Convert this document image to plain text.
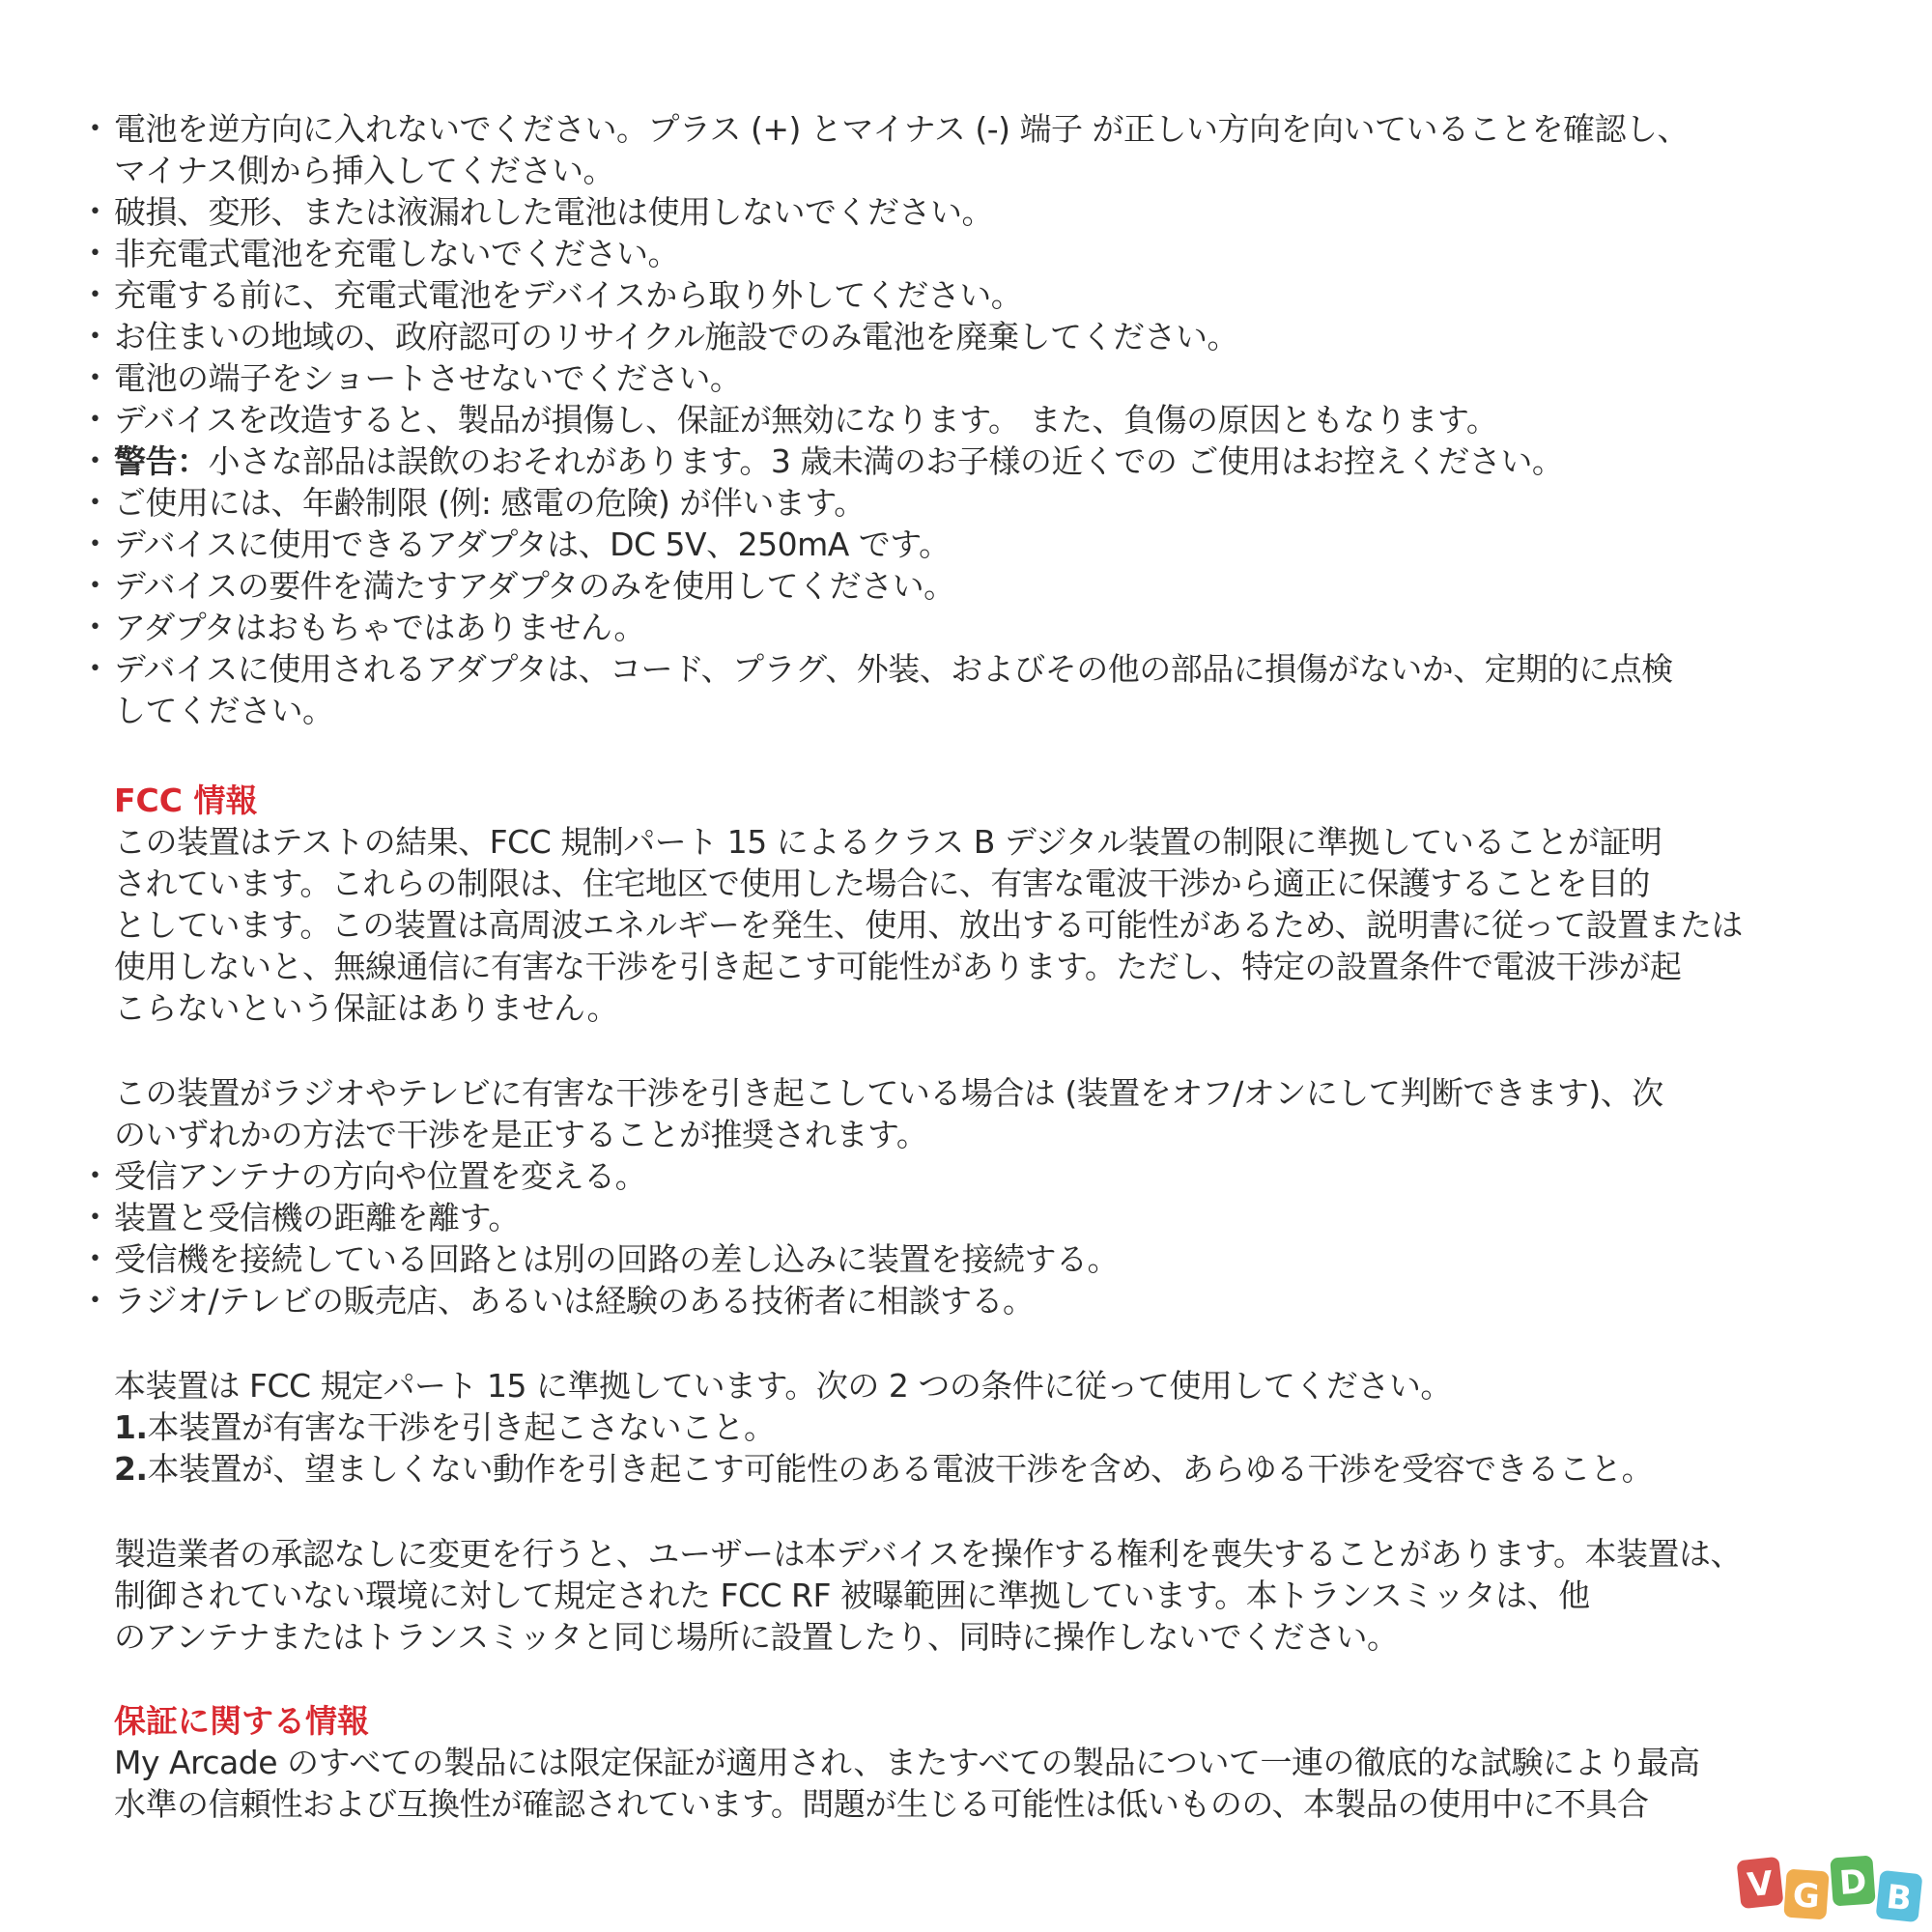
• 電池を逆方向に入れないでください。プラス (+) とマイナス (-) 端子 が正しい方向を向いていることを確認し、
マイナス側から挿入してください。
• 破損、変形、または液漏れした電池は使用しないでください。
• 非充電式電池を充電しないでください。
• 充電する前に、充電式電池をデバイスから取り外してください。
• お住まいの地域の、政府認可のリサイクル施設でのみ電池を廃棄してください。
• 電池の端子をショートさせないでください。
• デバイスを改造すると、製品が損傷し、保証が無効になります。 また、負傷の原因ともなります。
• 警告：小さな部品は誤飲のおそれがあります。3 歳未満のお子様の近くでの ご使用はお控えください。
• ご使用には、年齢制限 (例: 感電の危険) が伴います。
• デバイスに使用できるアダプタは、DC 5V、250mA です。
• デバイスの要件を満たすアダプタのみを使用してください。
• アダプタはおもちゃではありません。
• デバイスに使用されるアダプタは、コード、プラグ、外装、およびその他の部品に損傷がないか、定期的に点検
してください。
FCC 情報
この装置はテストの結果、FCC 規制パート 15 によるクラス B デジタル装置の制限に準拠していることが証明
されています。これらの制限は、住宅地区で使用した場合に、有害な電波干渉から適正に保護することを目的
としています。この装置は高周波エネルギーを発生、使用、放出する可能性があるため、説明書に従って設置または
使用しないと、無線通信に有害な干渉を引き起こす可能性があります。ただし、特定の設置条件で電波干渉が起
こらないという保証はありません。
この装置がラジオやテレビに有害な干渉を引き起こしている場合は (装置をオフ/オンにして判断できます)、次
のいずれかの方法で干渉を是正することが推奨されます。
• 受信アンテナの方向や位置を変える。
• 装置と受信機の距離を離す。
• 受信機を接続している回路とは別の回路の差し込みに装置を接続する。
• ラジオ/テレビの販売店、あるいは経験のある技術者に相談する。
本装置は FCC 規定パート 15 に準拠しています。次の 2 つの条件に従って使用してください。
1.本装置が有害な干渉を引き起こさないこと。
2.本装置が、望ましくない動作を引き起こす可能性のある電波干渉を含め、あらゆる干渉を受容できること。
製造業者の承認なしに変更を行うと、ユーザーは本デバイスを操作する権利を喪失することがあります。本装置は、
制御されていない環境に対して規定された FCC RF 被曝範囲に準拠しています。本トランスミッタは、他
のアンテナまたはトランスミッタと同じ場所に設置したり、同時に操作しないでください。
保証に関する情報
My Arcade のすべての製品には限定保証が適用され、またすべての製品について一連の徹底的な試験により最高
水準の信頼性および互換性が確認されています。問題が生じる可能性は低いものの、本製品の使用中に不具合
V G D B
